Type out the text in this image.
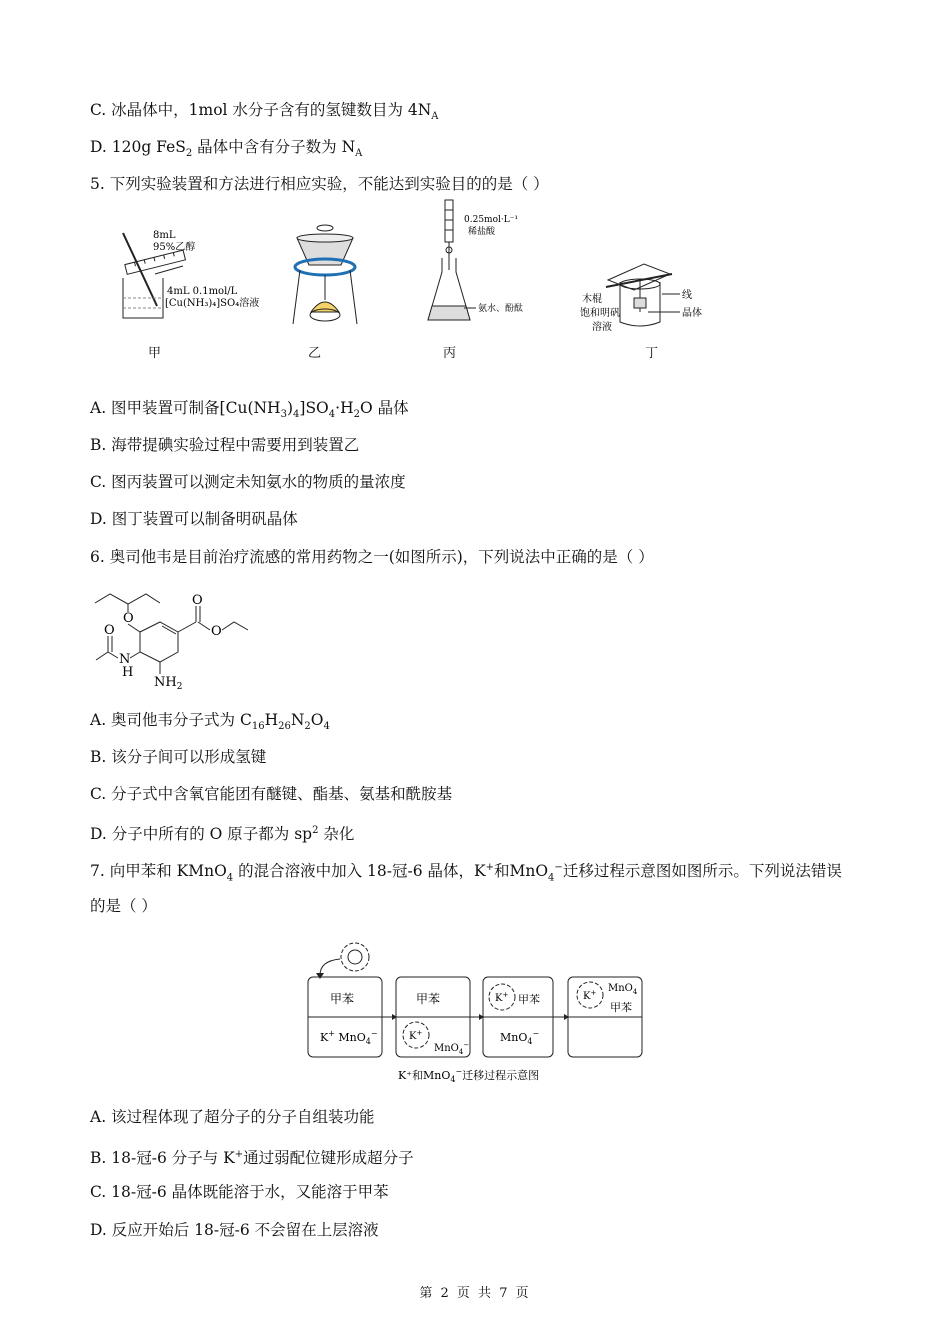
C. 冰晶体中，1mol 水分子含有的氢键数目为 $4N_A$
D. 120g FeS$_2$ 晶体中含有分子数为 $N_A$
5. 下列实验装置和方法进行相应实验，不能达到实验目的的是（ ）
8mL
95%乙醇
4mL 0.1mol/L
[Cu(NH₃)₄]SO₄溶液
甲	乙
0.25mol·L⁻¹
稀盐酸
氨水、酚酞
丙
木棍
饱和明矾
溶液
线
晶体
丁
A. 图甲装置可制备$[Cu(NH_3)_4]SO_4\cdot H_2O$ 晶体
B. 海带提碘实验过程中需要用到装置乙
C. 图丙装置可以测定未知氨水的物质的量浓度
D. 图丁装置可以制备明矾晶体
6. 奥司他韦是目前治疗流感的常用药物之一(如图所示)，下列说法中正确的是（ ）
O
O
O
O
N
H
$NH_2$
A. 奥司他韦分子式为 $C_{16}H_{26}N_2O_4$
B. 该分子间可以形成氢键
C. 分子式中含氧官能团有醚键、酯基、氨基和酰胺基
D. 分子中所有的 O 原子都为 $sp^2$ 杂化
7. 向甲苯和 KMnO$_4$ 的混合溶液中加入 18-冠-6 晶体，K+和MnO$_4$−迁移过程示意图如图所示。下列说法错误
的是（ ）
甲苯
K+ MnO$_4$−
甲苯
K+
MnO$_4$−
K+ 甲苯
MnO$_4$−
K+ MnO$_4$
甲苯
K⁺和MnO$_4$−迁移过程示意图
A. 该过程体现了超分子的分子自组装功能
B. 18-冠-6 分子与 K+通过弱配位键形成超分子
C. 18-冠-6 晶体既能溶于水，又能溶于甲苯
D. 反应开始后 18-冠-6 不会留在上层溶液
第 2 页 共 7 页
